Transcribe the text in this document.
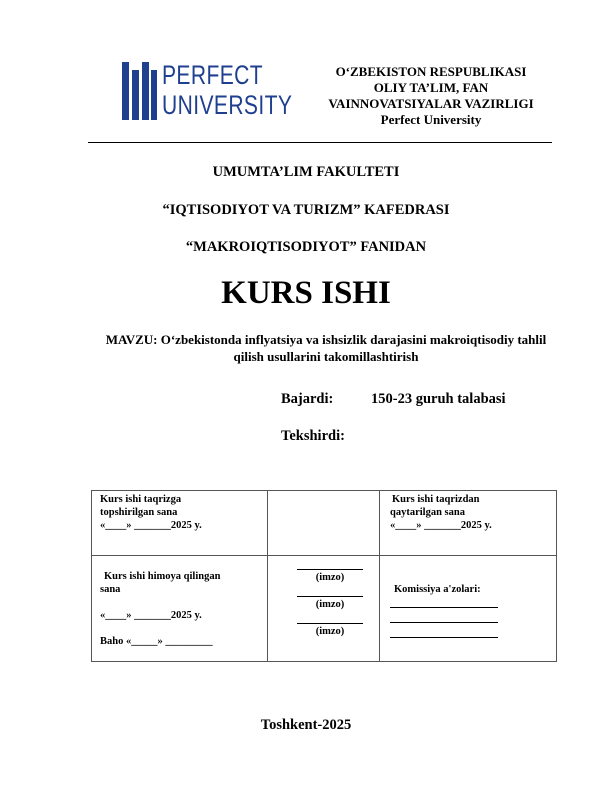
PERFECT
UNIVERSITY
O‘ZBEKISTON RESPUBLIKASI
OLIY TA’LIM, FAN
VAINNOVATSIYALAR VAZIRLIGI
Perfect University
UMUMTA’LIM FAKULTETI
“IQTISODIYOT VA TURIZM” KAFEDRASI
“MAKROIQTISODIYOT” FANIDAN
KURS ISHI
MAVZU: O‘zbekistonda inflyatsiya va ishsizlik darajasini makroiqtisodiy tahlil
qilish usullarini takomillashtirish
Bajardi:	150-23 guruh talabasi
Tekshirdi:
Kurs ishi taqrizga
topshirilgan sana
«____» _______2025 y.
Kurs ishi taqrizdan
qaytarilgan sana
«____» _______2025 y.
Kurs ishi himoya qilingan
sana
«____» _______2025 y.
Baho «_____» _________
(imzo)
(imzo)
(imzo)
Komissiya a'zolari:
Toshkent-2025
